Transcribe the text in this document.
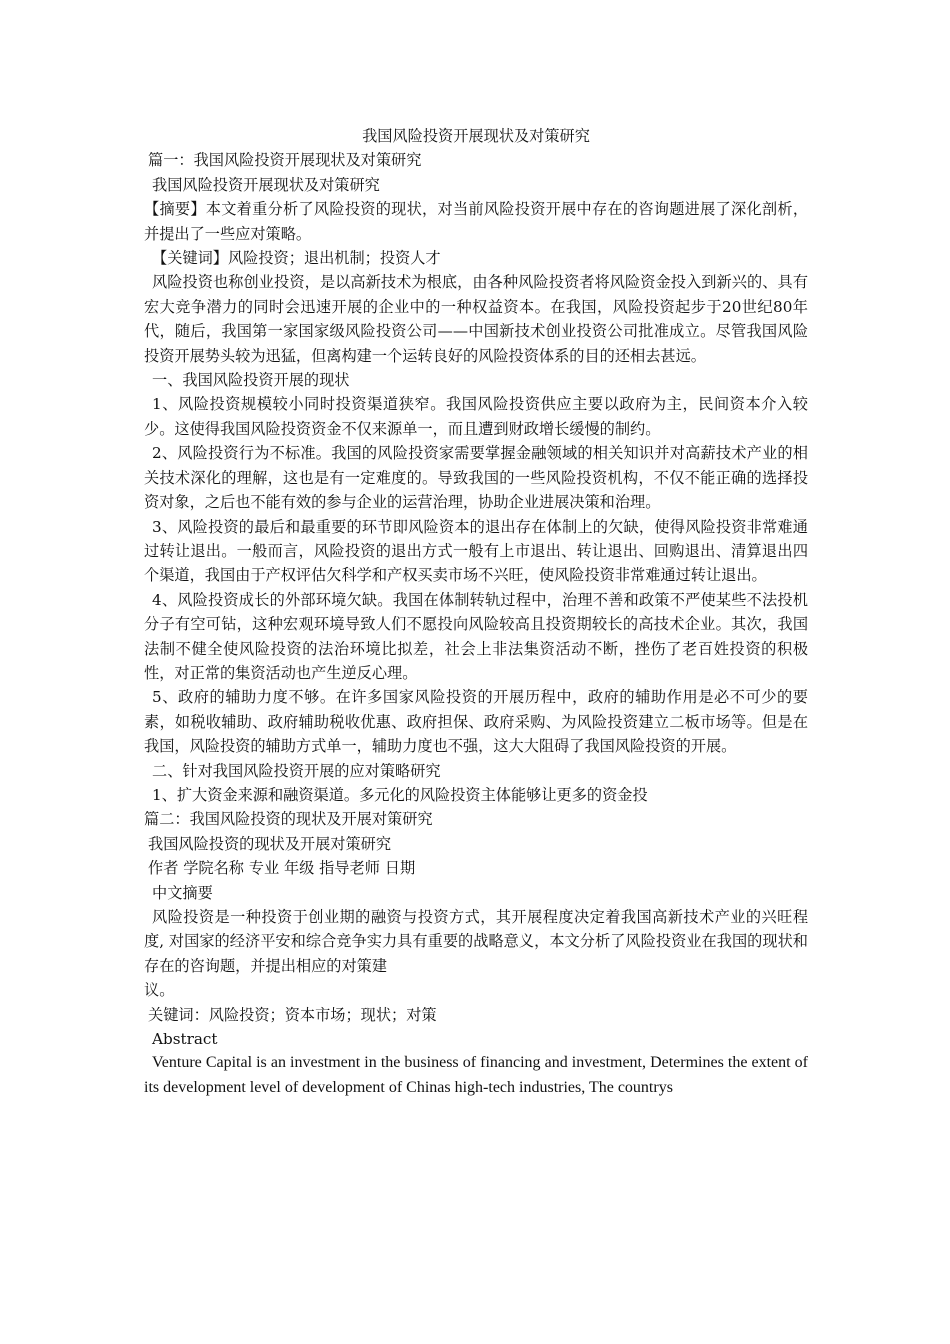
我国风险投资开展现状及对策研究

篇一：我国风险投资开展现状及对策研究

我国风险投资开展现状及对策研究

【摘要】本文着重分析了风险投资的现状，对当前风险投资开展中存在的咨询题进展了深化剖析，并提出了一些应对策略。

【关键词】风险投资；退出机制；投资人才

风险投资也称创业投资，是以高新技术为根底，由各种风险投资者将风险资金投入到新兴的、具有宏大竞争潜力的同时会迅速开展的企业中的一种权益资本。在我国，风险投资起步于20世纪80年代，随后，我国第一家国家级风险投资公司——中国新技术创业投资公司批准成立。尽管我国风险投资开展势头较为迅猛，但离构建一个运转良好的风险投资体系的目的还相去甚远。

一、我国风险投资开展的现状

1、风险投资规模较小同时投资渠道狭窄。我国风险投资供应主要以政府为主，民间资本介入较少。这使得我国风险投资资金不仅来源单一，而且遭到财政增长缓慢的制约。

2、风险投资行为不标准。我国的风险投资家需要掌握金融领域的相关知识并对高薪技术产业的相关技术深化的理解，这也是有一定难度的。导致我国的一些风险投资机构，不仅不能正确的选择投资对象，之后也不能有效的参与企业的运营治理，协助企业进展决策和治理。

3、风险投资的最后和最重要的环节即风险资本的退出存在体制上的欠缺，使得风险投资非常难通过转让退出。一般而言，风险投资的退出方式一般有上市退出、转让退出、回购退出、清算退出四个渠道，我国由于产权评估欠科学和产权买卖市场不兴旺，使风险投资非常难通过转让退出。

4、风险投资成长的外部环境欠缺。我国在体制转轨过程中，治理不善和政策不严使某些不法投机分子有空可钻，这种宏观环境导致人们不愿投向风险较高且投资期较长的高技术企业。其次，我国法制不健全使风险投资的法治环境比拟差，社会上非法集资活动不断，挫伤了老百姓投资的积极性，对正常的集资活动也产生逆反心理。

5、政府的辅助力度不够。在许多国家风险投资的开展历程中，政府的辅助作用是必不可少的要素，如税收辅助、政府辅助税收优惠、政府担保、政府采购、为风险投资建立二板市场等。但是在我国，风险投资的辅助方式单一，辅助力度也不强，这大大阻碍了我国风险投资的开展。

二、针对我国风险投资开展的应对策略研究

1、扩大资金来源和融资渠道。多元化的风险投资主体能够让更多的资金投

篇二：我国风险投资的现状及开展对策研究

我国风险投资的现状及开展对策研究

作者 学院名称 专业 年级 指导老师 日期

中文摘要

风险投资是一种投资于创业期的融资与投资方式，其开展程度决定着我国高新技术产业的兴旺程度, 对国家的经济平安和综合竞争实力具有重要的战略意义，本文分析了风险投资业在我国的现状和存在的咨询题，并提出相应的对策建

议。

关键词：风险投资；资本市场；现状；对策

Abstract

Venture Capital is an investment in the business of financing and investment, Determines the extent of its development level of development of Chinas high-tech industries, The countrys
